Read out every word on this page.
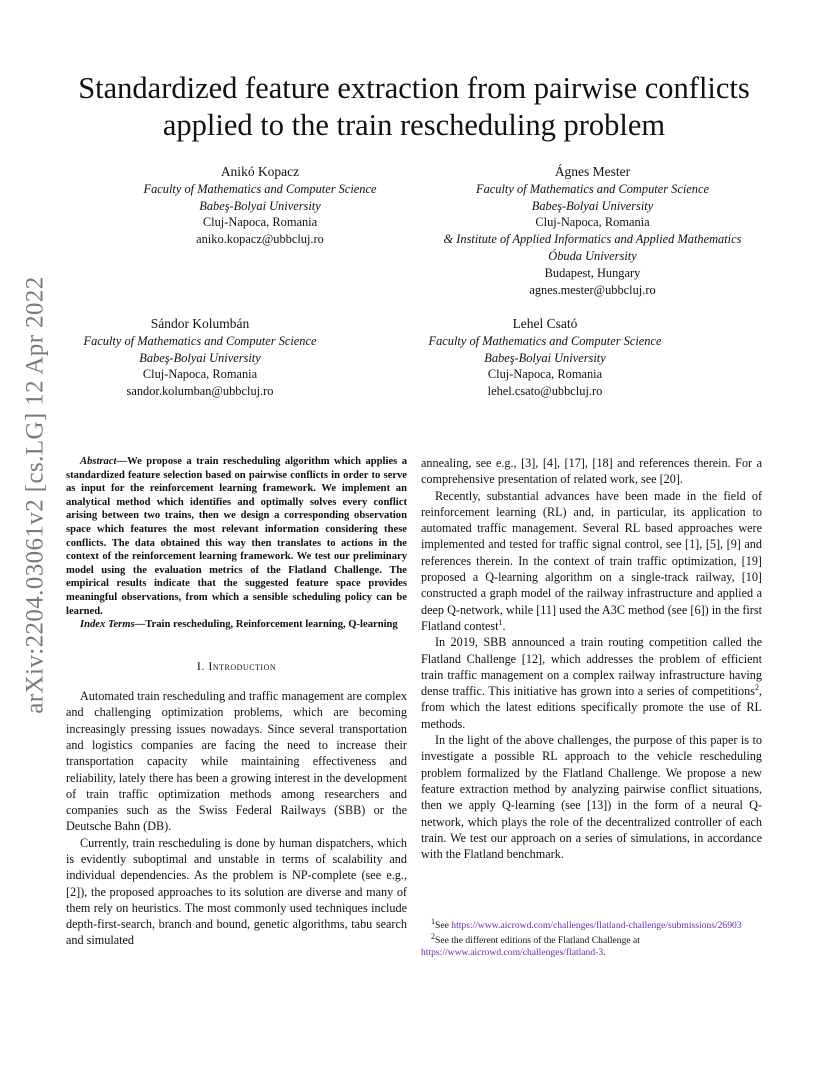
arXiv:2204.03061v2 [cs.LG] 12 Apr 2022
Standardized feature extraction from pairwise conflicts applied to the train rescheduling problem
Anikó Kopacz
Faculty of Mathematics and Computer Science
Babeş-Bolyai University
Cluj-Napoca, Romania
aniko.kopacz@ubbcluj.ro
Ágnes Mester
Faculty of Mathematics and Computer Science
Babeş-Bolyai University
Cluj-Napoca, Romania
& Institute of Applied Informatics and Applied Mathematics
Óbuda University
Budapest, Hungary
agnes.mester@ubbcluj.ro
Sándor Kolumbán
Faculty of Mathematics and Computer Science
Babeş-Bolyai University
Cluj-Napoca, Romania
sandor.kolumban@ubbcluj.ro
Lehel Csató
Faculty of Mathematics and Computer Science
Babeş-Bolyai University
Cluj-Napoca, Romania
lehel.csato@ubbcluj.ro

Abstract—We propose a train rescheduling algorithm which applies a standardized feature selection based on pairwise conflicts in order to serve as input for the reinforcement learning framework. We implement an analytical method which identifies and optimally solves every conflict arising between two trains, then we design a corresponding observation space which features the most relevant information considering these conflicts. The data obtained this way then translates to actions in the context of the reinforcement learning framework. We test our preliminary model using the evaluation metrics of the Flatland Challenge. The empirical results indicate that the suggested feature space provides meaningful observations, from which a sensible scheduling policy can be learned.

Index Terms—Train rescheduling, Reinforcement learning, Q-learning

I. Introduction

Automated train rescheduling and traffic management are complex and challenging optimization problems, which are becoming increasingly pressing issues nowadays. Since several transportation and logistics companies are facing the need to increase their transportation capacity while maintaining effectiveness and reliability, lately there has been a growing interest in the development of train traffic optimization methods among researchers and companies such as the Swiss Federal Railways (SBB) or the Deutsche Bahn (DB).

Currently, train rescheduling is done by human dispatchers, which is evidently suboptimal and unstable in terms of scalability and individual dependencies. As the problem is NP-complete (see e.g., [2]), the proposed approaches to its solution are diverse and many of them rely on heuristics. The most commonly used techniques include depth-first-search, branch and bound, genetic algorithms, tabu search and simulated

annealing, see e.g., [3], [4], [17], [18] and references therein. For a comprehensive presentation of related work, see [20].

Recently, substantial advances have been made in the field of reinforcement learning (RL) and, in particular, its application to automated traffic management. Several RL based approaches were implemented and tested for traffic signal control, see [1], [5], [9] and references therein. In the context of train traffic optimization, [19] proposed a Q-learning algorithm on a single-track railway, [10] constructed a graph model of the railway infrastructure and applied a deep Q-network, while [11] used the A3C method (see [6]) in the first Flatland contest$^1$.

In 2019, SBB announced a train routing competition called the Flatland Challenge [12], which addresses the problem of efficient train traffic management on a complex railway infrastructure having dense traffic. This initiative has grown into a series of competitions$^2$, from which the latest editions specifically promote the use of RL methods.

In the light of the above challenges, the purpose of this paper is to investigate a possible RL approach to the vehicle rescheduling problem formalized by the Flatland Challenge. We propose a new feature extraction method by analyzing pairwise conflict situations, then we apply Q-learning (see [13]) in the form of a neural Q-network, which plays the role of the decentralized controller of each train. We test our approach on a series of simulations, in accordance with the Flatland benchmark.

$^1$See https://www.aicrowd.com/challenges/flatland-challenge/submissions/26903

$^2$See the different editions of the Flatland Challenge at https://www.aicrowd.com/challenges/flatland-3.
